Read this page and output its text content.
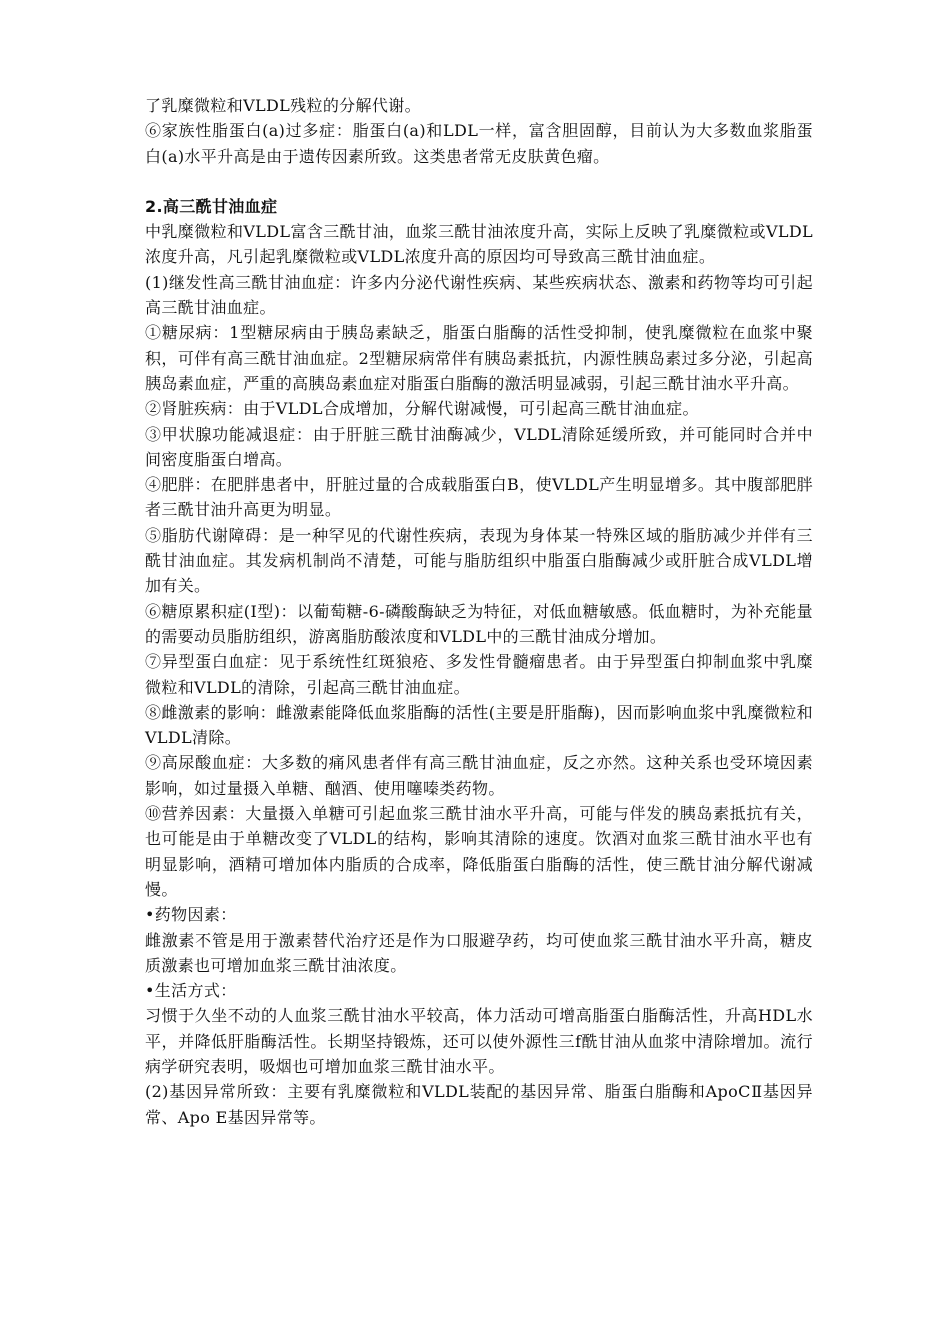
了乳糜微粒和VLDL残粒的分解代谢。

⑥家族性脂蛋白(a)过多症：脂蛋白(a)和LDL一样，富含胆固醇，目前认为大多数血浆脂蛋白(a)水平升高是由于遗传因素所致。这类患者常无皮肤黄色瘤。

2.高三酰甘油血症

中乳糜微粒和VLDL富含三酰甘油，血浆三酰甘油浓度升高，实际上反映了乳糜微粒或VLDL浓度升高，凡引起乳糜微粒或VLDL浓度升高的原因均可导致高三酰甘油血症。

(1)继发性高三酰甘油血症：许多内分泌代谢性疾病、某些疾病状态、激素和药物等均可引起高三酰甘油血症。

①糖尿病：1型糖尿病由于胰岛素缺乏，脂蛋白脂酶的活性受抑制，使乳糜微粒在血浆中聚积，可伴有高三酰甘油血症。2型糖尿病常伴有胰岛素抵抗，内源性胰岛素过多分泌，引起高胰岛素血症，严重的高胰岛素血症对脂蛋白脂酶的激活明显减弱，引起三酰甘油水平升高。

②肾脏疾病：由于VLDL合成增加，分解代谢减慢，可引起高三酰甘油血症。

③甲状腺功能减退症：由于肝脏三酰甘油酶减少，VLDL清除延缓所致，并可能同时合并中间密度脂蛋白增高。

④肥胖：在肥胖患者中，肝脏过量的合成载脂蛋白B，使VLDL产生明显增多。其中腹部肥胖者三酰甘油升高更为明显。

⑤脂肪代谢障碍：是一种罕见的代谢性疾病，表现为身体某一特殊区域的脂肪减少并伴有三酰甘油血症。其发病机制尚不清楚，可能与脂肪组织中脂蛋白脂酶减少或肝脏合成VLDL增加有关。

⑥糖原累积症(Ⅰ型)：以葡萄糖-6-磷酸酶缺乏为特征，对低血糖敏感。低血糖时，为补充能量的需要动员脂肪组织，游离脂肪酸浓度和VLDL中的三酰甘油成分增加。

⑦异型蛋白血症：见于系统性红斑狼疮、多发性骨髓瘤患者。由于异型蛋白抑制血浆中乳糜微粒和VLDL的清除，引起高三酰甘油血症。

⑧雌激素的影响：雌激素能降低血浆脂酶的活性(主要是肝脂酶)，因而影响血浆中乳糜微粒和VLDL清除。

⑨高尿酸血症：大多数的痛风患者伴有高三酰甘油血症，反之亦然。这种关系也受环境因素影响，如过量摄入单糖、酗酒、使用噻嗪类药物。

⑩营养因素：大量摄入单糖可引起血浆三酰甘油水平升高，可能与伴发的胰岛素抵抗有关，也可能是由于单糖改变了VLDL的结构，影响其清除的速度。饮酒对血浆三酰甘油水平也有明显影响，酒精可增加体内脂质的合成率，降低脂蛋白脂酶的活性，使三酰甘油分解代谢减慢。

•药物因素：

雌激素不管是用于激素替代治疗还是作为口服避孕药，均可使血浆三酰甘油水平升高，糖皮质激素也可增加血浆三酰甘油浓度。

•生活方式：

习惯于久坐不动的人血浆三酰甘油水平较高，体力活动可增高脂蛋白脂酶活性，升高HDL水平，并降低肝脂酶活性。长期坚持锻炼，还可以使外源性三f酰甘油从血浆中清除增加。流行病学研究表明，吸烟也可增加血浆三酰甘油水平。

(2)基因异常所致：主要有乳糜微粒和VLDL装配的基因异常、脂蛋白脂酶和ApoCⅡ基因异常、Apo E基因异常等。
